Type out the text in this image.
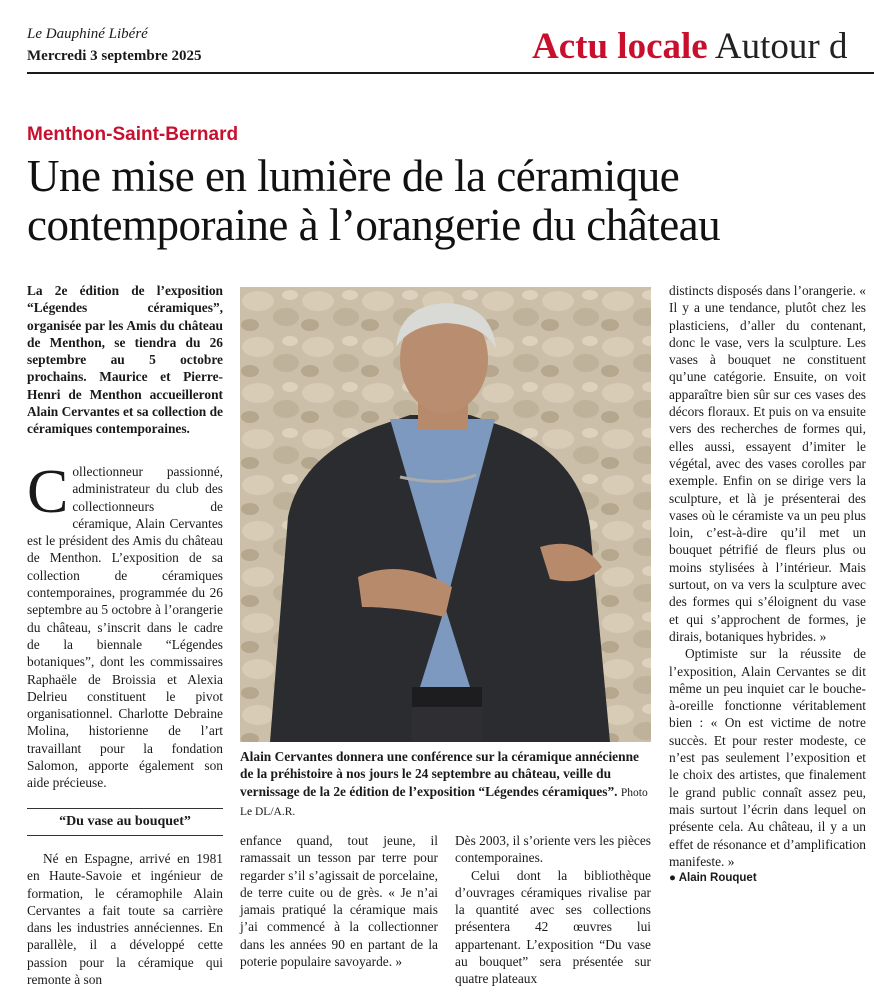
Le Dauphiné Libéré
Mercredi 3 septembre 2025	Actu locale Autour d
Menthon-Saint-Bernard
Une mise en lumière de la céramique contemporaine à l’orangerie du château
La 2e édition de l’exposition “Légendes céramiques”, organisée par les Amis du château de Menthon, se tiendra du 26 septembre au 5 octobre prochains. Maurice et Pierre-Henri de Menthon accueilleront Alain Cervantes et sa collection de céramiques contemporaines.
Collectionneur passionné, administrateur du club des collectionneurs de céramique, Alain Cervantes est le président des Amis du château de Menthon. L’exposition de sa collection de céramiques contemporaines, programmée du 26 septembre au 5 octobre à l’orangerie du château, s’inscrit dans le cadre de la biennale “Légendes botaniques”, dont les commissaires Raphaële de Broissia et Alexia Delrieu constituent le pivot organisationnel. Charlotte Debraine Molina, historienne de l’art travaillant pour la fondation Salomon, apporte également son aide précieuse.
“Du vase au bouquet”

Né en Espagne, arrivé en 1981 en Haute-Savoie et ingénieur de formation, le céramophile Alain Cervantes a fait toute sa carrière dans les industries annéciennes. En parallèle, il a développé cette passion pour la céramique qui remonte à son

Alain Cervantes donnera une conférence sur la céramique annécienne de la préhistoire à nos jours le 24 septembre au château, veille du vernissage de la 2e édition de l’exposition “Légendes céramiques”. Photo Le DL/A.R.

enfance quand, tout jeune, il ramassait un tesson par terre pour regarder s’il s’agissait de porcelaine, de terre cuite ou de grès. « Je n’ai jamais pratiqué la céramique mais j’ai commencé à la collectionner dans les années 90 en partant de la poterie populaire savoyarde. »

Dès 2003, il s’oriente vers les pièces contemporaines.

Celui dont la bibliothèque d’ouvrages céramiques rivalise par la quantité avec ses collections présentera 42 œuvres lui appartenant. L’exposition “Du vase au bouquet” sera présentée sur quatre plateaux

distincts disposés dans l’orangerie. « Il y a une tendance, plutôt chez les plasticiens, d’aller du contenant, donc le vase, vers la sculpture. Les vases à bouquet ne constituent qu’une catégorie. Ensuite, on voit apparaître bien sûr sur ces vases des décors floraux. Et puis on va ensuite vers des recherches de formes qui, elles aussi, essayent d’imiter le végétal, avec des vases corolles par exemple. Enfin on se dirige vers la sculpture, et là je présenterai des vases où le céramiste va un peu plus loin, c’est-à-dire qu’il met un bouquet pétrifié de fleurs plus ou moins stylisées à l’intérieur. Mais surtout, on va vers la sculpture avec des formes qui s’éloignent du vase et qui s’approchent de formes, je dirais, botaniques hybrides. »

Optimiste sur la réussite de l’exposition, Alain Cervantes se dit même un peu inquiet car le bouche-à-oreille fonctionne véritablement bien : « On est victime de notre succès. Et pour rester modeste, ce n’est pas seulement l’exposition et le choix des artistes, que finalement le grand public connaît assez peu, mais surtout l’écrin dans lequel on présente cela. Au château, il y a un effet de résonance et d’amplification manifeste. »

● Alain Rouquet
